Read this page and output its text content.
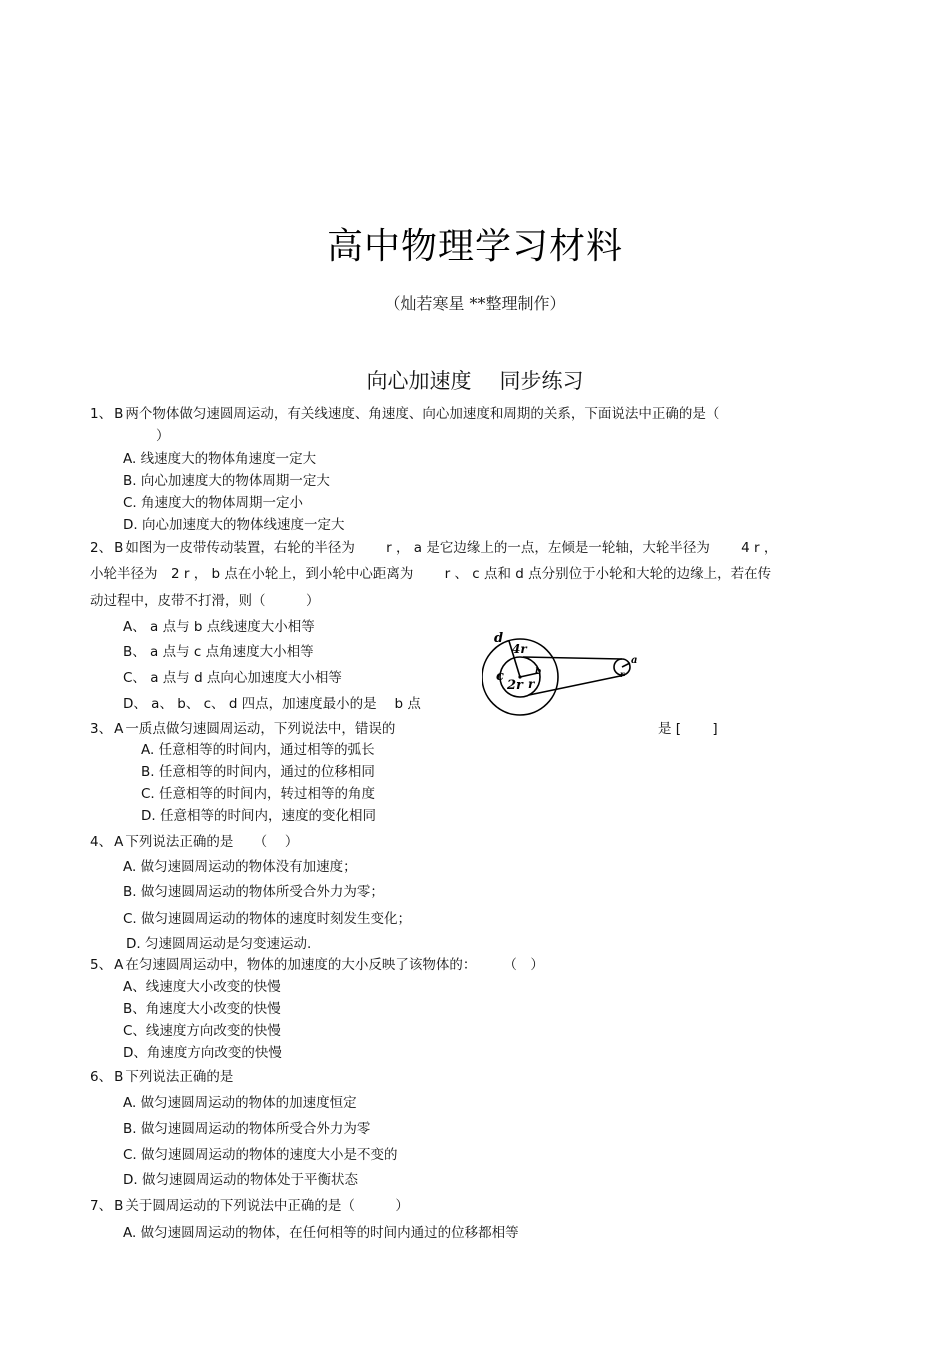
高中物理学习材料
（灿若寒星 **整理制作）
向心加速度 同步练习
1、 B 两个物体做匀速圆周运动，有关线速度、角速度、向心加速度和周期的关系，下面说法中正确的是（
）
A. 线速度大的物体角速度一定大
B. 向心加速度大的物体周期一定大
C. 角速度大的物体周期一定小
D. 向心加速度大的物体线速度一定大
2、 B 如图为一皮带传动装置，右轮的半径为　　 r ， a 是它边缘上的一点，左倾是一轮轴，大轮半径为　　 4 r ，
小轮半径为　2 r ， b 点在小轮上，到小轮中心距离为　　 r 、 c 点和 d 点分别位于小轮和大轮的边缘上，若在传
动过程中，皮带不打滑，则（　　　）
A、 a 点与 b 点线速度大小相等
B、 a 点与 c 点角速度大小相等
C、 a 点与 d 点向心加速度大小相等
D、 a、 b、 c、 d 四点，加速度最小的是　 b 点
d
4r
c
2r r
b
a
r
3、 A 一质点做匀速圆周运动，下列说法中，错误的	是 [　　 ]
A. 任意相等的时间内，通过相等的弧长
B. 任意相等的时间内，通过的位移相同
C. 任意相等的时间内，转过相等的角度
D. 任意相等的时间内，速度的变化相同
4、 A 下列说法正确的是　　（　 ）
A. 做匀速圆周运动的物体没有加速度；
B. 做匀速圆周运动的物体所受合外力为零；
C. 做匀速圆周运动的物体的速度时刻发生变化；
D. 匀速圆周运动是匀变速运动.
5、 A 在匀速圆周运动中，物体的加速度的大小反映了该物体的：　　　（　）
A、线速度大小改变的快慢
B、角速度大小改变的快慢
C、线速度方向改变的快慢
D、角速度方向改变的快慢
6、 B 下列说法正确的是
A. 做匀速圆周运动的物体的加速度恒定
B. 做匀速圆周运动的物体所受合外力为零
C. 做匀速圆周运动的物体的速度大小是不变的
D. 做匀速圆周运动的物体处于平衡状态
7、 B 关于圆周运动的下列说法中正确的是（　　　）
A. 做匀速圆周运动的物体，在任何相等的时间内通过的位移都相等
